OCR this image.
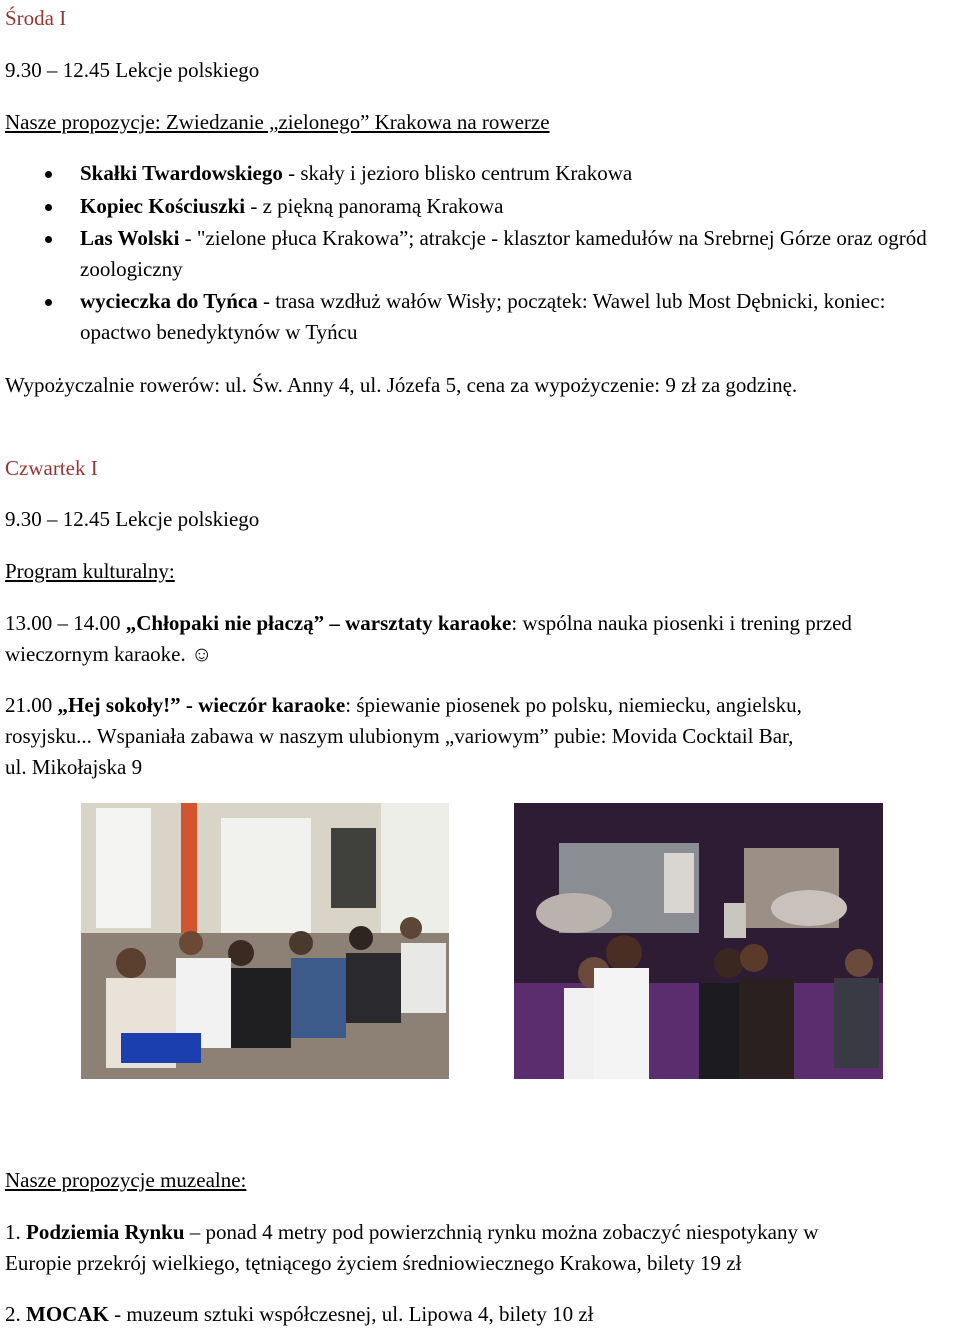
Środa I
9.30 – 12.45 Lekcje polskiego
Nasze propozycje: Zwiedzanie „zielonego” Krakowa na rowerze
Skałki Twardowskiego - skały i jezioro blisko centrum Krakowa
Kopiec Kościuszki - z piękną panoramą Krakowa
Las Wolski - "zielone płuca Krakowa”; atrakcje - klasztor kamedułów na Srebrnej Górze oraz ogród zoologiczny
wycieczka do Tyńca - trasa wzdłuż wałów Wisły; początek: Wawel lub Most Dębnicki, koniec: opactwo benedyktynów w Tyńcu
Wypożyczalnie rowerów: ul. Św. Anny 4, ul. Józefa 5, cena za wypożyczenie: 9 zł za godzinę.
Czwartek I
9.30 – 12.45 Lekcje polskiego
Program kulturalny:
13.00 – 14.00 „Chłopaki nie płaczą” – warsztaty karaoke: wspólna nauka piosenki i trening przed
wieczornym karaoke. ☺
21.00 „Hej sokoły!” - wieczór karaoke: śpiewanie piosenek po polsku, niemiecku, angielsku,
rosyjsku... Wspaniała zabawa w naszym ulubionym „variowym” pubie: Movida Cocktail Bar,
ul. Mikołajska 9
Nasze propozycje muzealne:
1. Podziemia Rynku – ponad 4 metry pod powierzchnią rynku można zobaczyć niespotykany w
Europie przekrój wielkiego, tętniącego życiem średniowiecznego Krakowa, bilety 19 zł
2. MOCAK - muzeum sztuki współczesnej, ul. Lipowa 4, bilety 10 zł
